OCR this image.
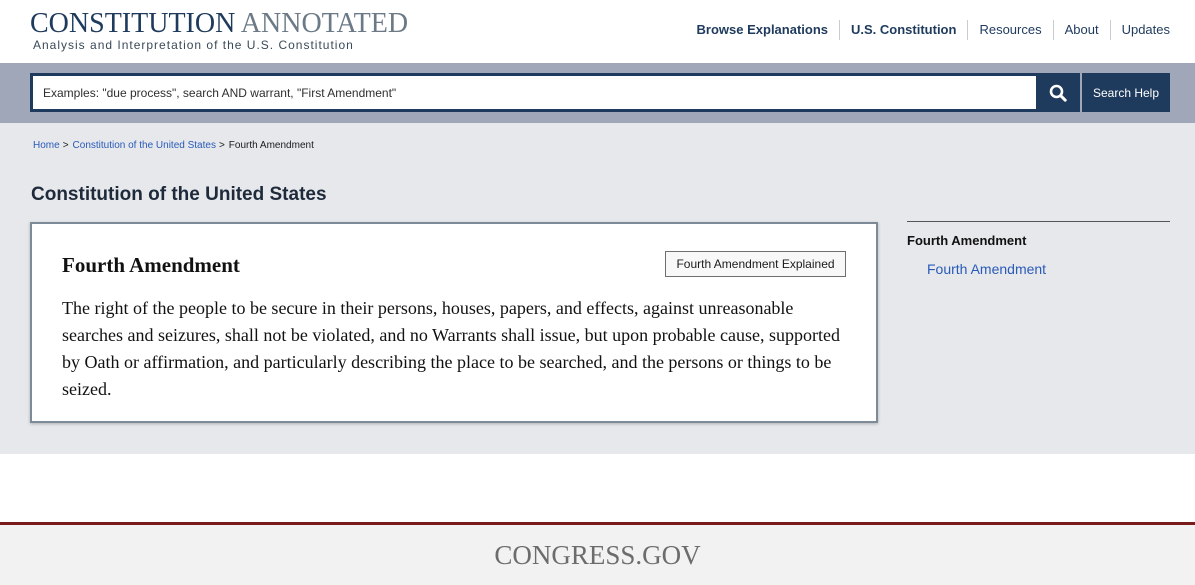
CONSTITUTION ANNOTATED
Analysis and Interpretation of the U.S. Constitution
Browse Explanations	U.S. Constitution	Resources	About	Updates
Examples: "due process", search AND warrant, "First Amendment"
Search Help
Home > Constitution of the United States > Fourth Amendment
Constitution of the United States
Fourth Amendment	Fourth Amendment Explained

The right of the people to be secure in their persons, houses, papers, and effects, against unreasonable searches and seizures, shall not be violated, and no Warrants shall issue, but upon probable cause, supported by Oath or affirmation, and particularly describing the place to be searched, and the persons or things to be seized.

Fourth Amendment
Fourth Amendment
CONGRESS.GOV
